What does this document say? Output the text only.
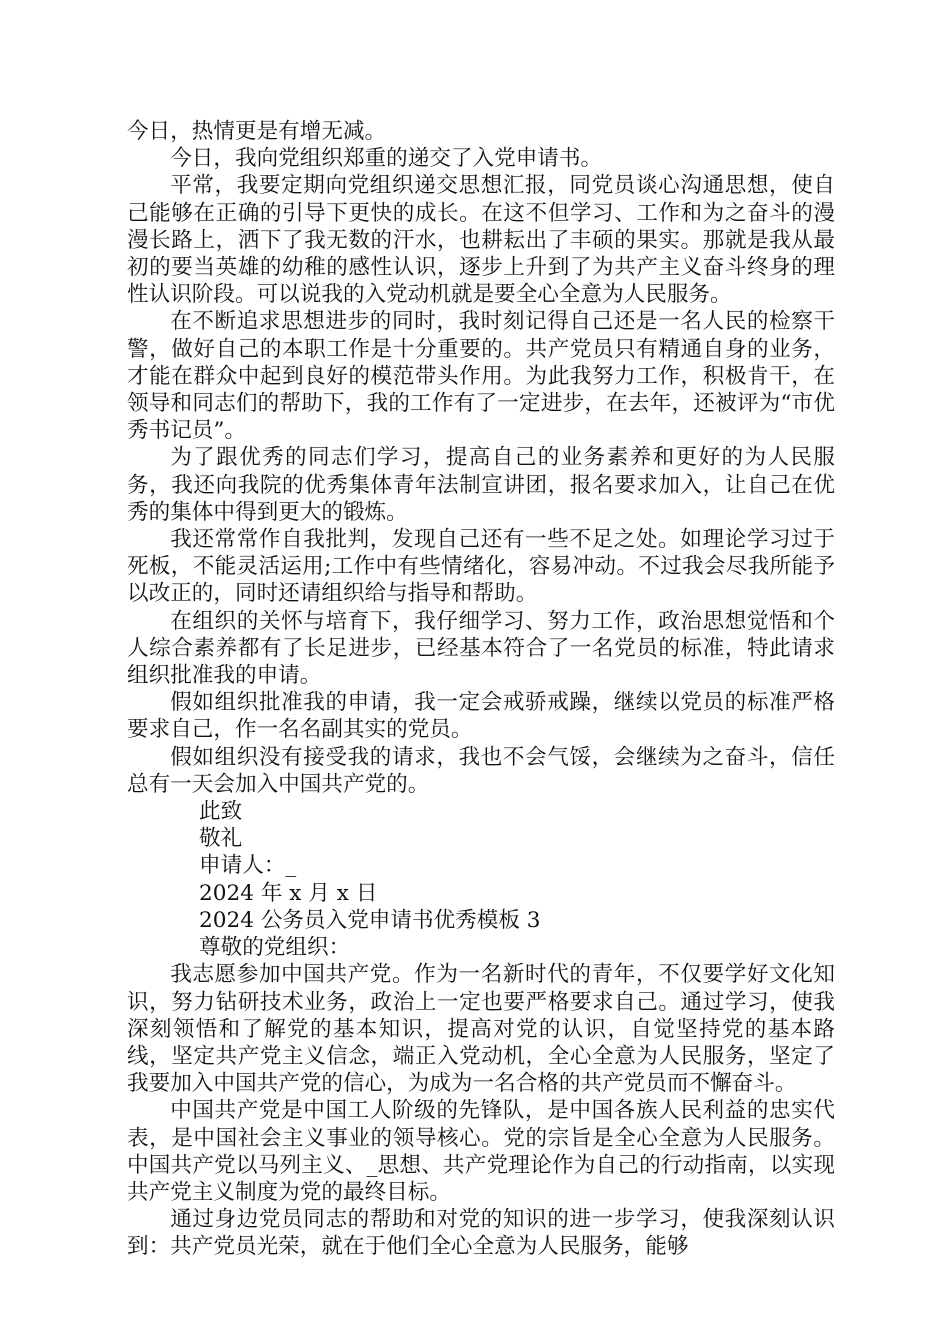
今日，热情更是有增无减。

今日，我向党组织郑重的递交了入党申请书。

平常，我要定期向党组织递交思想汇报，同党员谈心沟通思想，使自己能够在正确的引导下更快的成长。在这不但学习、工作和为之奋斗的漫漫长路上，洒下了我无数的汗水，也耕耘出了丰硕的果实。那就是我从最初的要当英雄的幼稚的感性认识，逐步上升到了为共产主义奋斗终身的理性认识阶段。可以说我的入党动机就是要全心全意为人民服务。

在不断追求思想进步的同时，我时刻记得自己还是一名人民的检察干警，做好自己的本职工作是十分重要的。共产党员只有精通自身的业务，才能在群众中起到良好的模范带头作用。为此我努力工作，积极肯干，在领导和同志们的帮助下，我的工作有了一定进步，在去年，还被评为“市优秀书记员”。

为了跟优秀的同志们学习，提高自己的业务素养和更好的为人民服务，我还向我院的优秀集体青年法制宣讲团，报名要求加入，让自己在优秀的集体中得到更大的锻炼。

我还常常作自我批判，发现自己还有一些不足之处。如理论学习过于死板，不能灵活运用;工作中有些情绪化，容易冲动。不过我会尽我所能予以改正的，同时还请组织给与指导和帮助。

在组织的关怀与培育下，我仔细学习、努力工作，政治思想觉悟和个人综合素养都有了长足进步，已经基本符合了一名党员的标准，特此请求组织批准我的申请。

假如组织批准我的申请，我一定会戒骄戒躁，继续以党员的标准严格要求自己，作一名名副其实的党员。

假如组织没有接受我的请求，我也不会气馁，会继续为之奋斗，信任总有一天会加入中国共产党的。

此致

敬礼

申请人：_

2024 年 x 月 x 日

2024 公务员入党申请书优秀模板 3

尊敬的党组织：

我志愿参加中国共产党。作为一名新时代的青年，不仅要学好文化知识，努力钻研技术业务，政治上一定也要严格要求自己。通过学习，使我深刻领悟和了解党的基本知识，提高对党的认识，自觉坚持党的基本路线，坚定共产党主义信念，端正入党动机，全心全意为人民服务，坚定了我要加入中国共产党的信心，为成为一名合格的共产党员而不懈奋斗。

中国共产党是中国工人阶级的先锋队，是中国各族人民利益的忠实代表，是中国社会主义事业的领导核心。党的宗旨是全心全意为人民服务。中国共产党以马列主义、_思想、共产党理论作为自己的行动指南，以实现共产党主义制度为党的最终目标。

通过身边党员同志的帮助和对党的知识的进一步学习，使我深刻认识到：共产党员光荣，就在于他们全心全意为人民服务，能够
